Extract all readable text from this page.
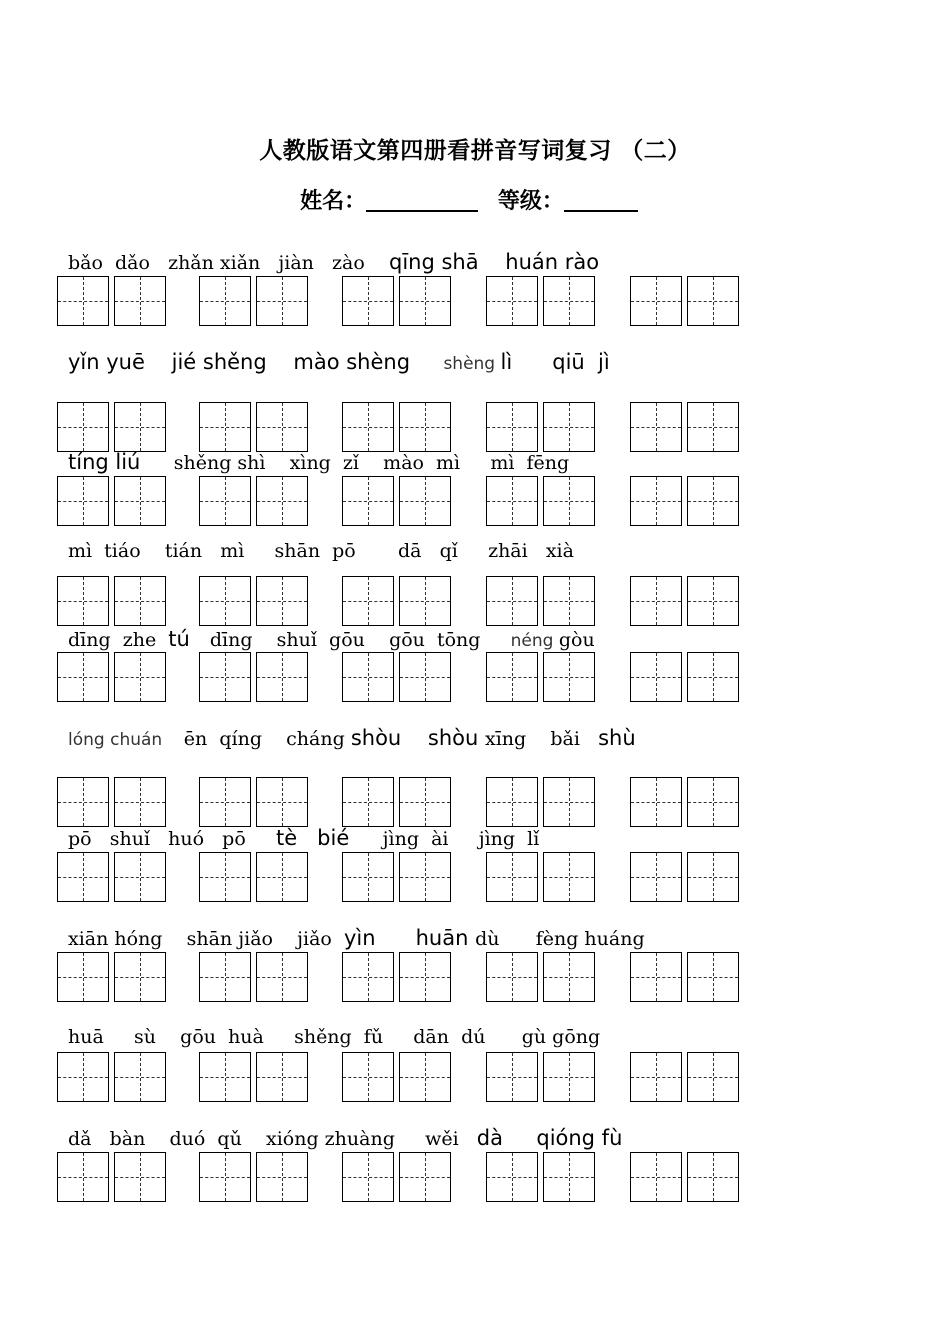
人教版语文第四册看拼音写词复习 （二）
姓名：	等级：
bǎo  dǎo   zhǎn xiǎn   jiàn   zào    qīng shā    huán rào
yǐn yuē    jié shěng    mào shèng     shèng lì      qiū  jì
tíng liú     shěng shì    xìng  zǐ    mào  mì     mì  fēng
mì  tiáo    tián   mì     shān  pō       dā   qǐ     zhāi   xià
dīng  zhe  tú   dīng    shuǐ  gōu    gōu  tōng     néng gòu
lóng chuán    ēn  qíng    cháng shòu    shòu xīng    bǎi   shù
pō   shuǐ   huó   pō     tè   bié     jìng  ài     jìng  lǐ
xiān hóng    shān jiǎo    jiǎo  yìn      huān dù      fèng huáng
huā     sù    gōu  huà     shěng  fǔ     dān  dú      gù gōng
dǎ   bàn    duó  qǔ    xióng zhuàng     wěi   dà     qióng fù
